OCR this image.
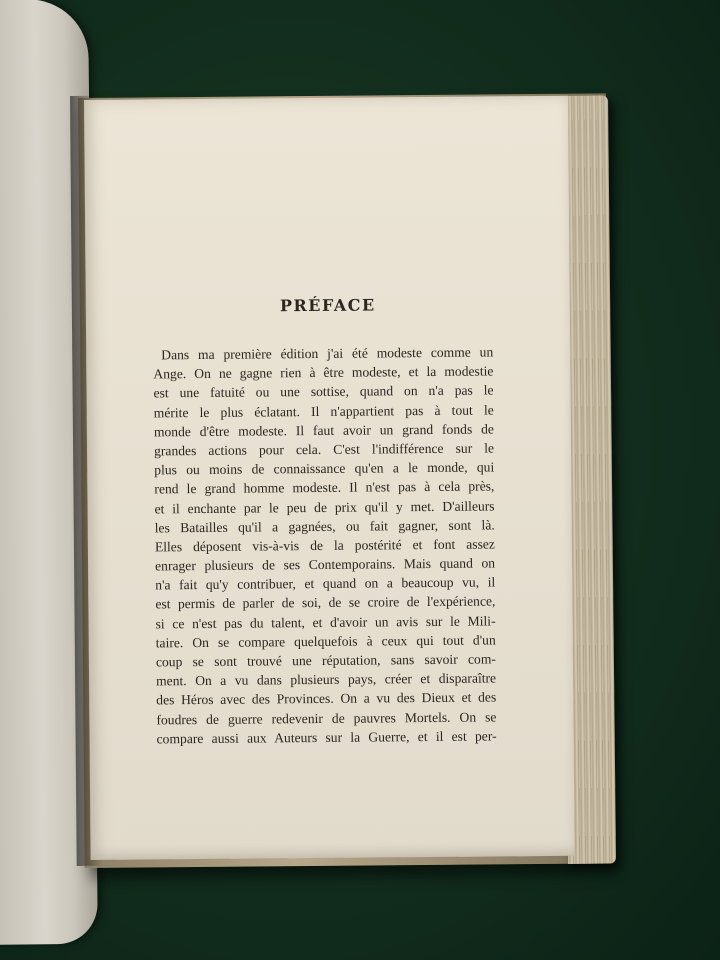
PRÉFACE
Dans ma première édition j'ai été modeste comme un
Ange. On ne gagne rien à être modeste, et la modestie
est une fatuité ou une sottise, quand on n'a pas le
mérite le plus éclatant. Il n'appartient pas à tout le
monde d'être modeste. Il faut avoir un grand fonds de
grandes actions pour cela. C'est l'indifférence sur le
plus ou moins de connaissance qu'en a le monde, qui
rend le grand homme modeste. Il n'est pas à cela près,
et il enchante par le peu de prix qu'il y met. D'ailleurs
les Batailles qu'il a gagnées, ou fait gagner, sont là.
Elles déposent vis-à-vis de la postérité et font assez
enrager plusieurs de ses Contemporains. Mais quand on
n'a fait qu'y contribuer, et quand on a beaucoup vu, il
est permis de parler de soi, de se croire de l'expérience,
si ce n'est pas du talent, et d'avoir un avis sur le Mili-
taire. On se compare quelquefois à ceux qui tout d'un
coup se sont trouvé une réputation, sans savoir com-
ment. On a vu dans plusieurs pays, créer et disparaître
des Héros avec des Provinces. On a vu des Dieux et des
foudres de guerre redevenir de pauvres Mortels. On se
compare aussi aux Auteurs sur la Guerre, et il est per-
